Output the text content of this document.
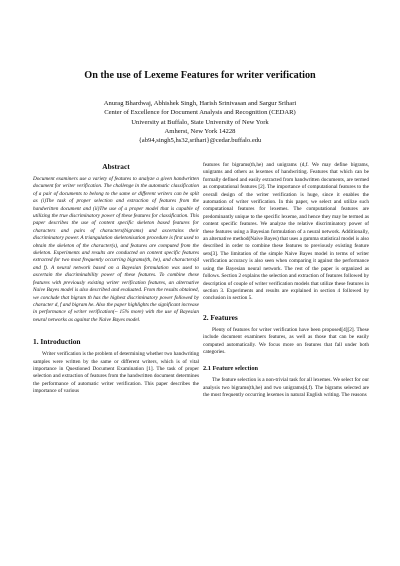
On the use of Lexeme Features for writer verification
Anurag Bhardwaj, Abhishek Singh, Harish Srinivasan and Sargur Srihari
Center of Excellence for Document Analysis and Recognition (CEDAR)
University at Buffalo, State University of New York
Amherst, New York 14228
{ab94,singh5,hs32,srihari}@cedar.buffalo.edu

Abstract

Document examiners use a variety of features to analyze a given handwritten document for writer verification. The challenge in the automatic classification of a pair of documents to belong to the same or different writers can be split as (i)The task of proper selection and extraction of features from the handwritten document and (ii)The use of a proper model that is capable of utilizing the true discriminatory power of these features for classification. This paper describes the use of content specific skeleton based features for characters and pairs of characters(bigrams) and ascertains their discriminatory power. A triangulation skeletonisation procedure is first used to obtain the skeleton of the character(s), and features are computed from the skeleton. Experiments and results are conducted on content specific features extracted for two most frequently occurring bigrams(th, he), and characters(d and f). A neural network based on a Bayesian formulation was used to ascertain the discriminability power of these features. To combine these features with previously existing writer verification features, an alternative Naive Bayes model is also described and evaluated. From the results obtained, we conclude that bigram th has the highest discriminatory power followed by character d, f and bigram he. Also the paper highlights the significant increase in performance of writer verification(~ 15% more) with the use of Bayesian neural networks as against the Naive Bayes model.

1. Introduction

Writer verification is the problem of determining whether two handwriting samples were written by the same or different writers, which is of vital importance in Questioned Document Examination [1]. The task of proper selection and extraction of features from the handwritten document determines the performance of automatic writer verification. This paper describes the importance of various

features for bigrams(th,he) and unigrams (d,f. We may define bigrams, unigrams and others as lexemes of handwriting. Features that which can be formally defined and easily extracted from handwritten documents, are termed as computational features [2]. The importance of computational features to the overall design of the writer verification is huge, since it enables the automation of writer verification. In this paper, we select and utilize such computational features for lexemes. The computational features are predominantly unique to the specific lexeme, and hence they may be termed as content specific features. We analyze the relative discriminatory power of these features using a Bayesian formulation of a neural network. Additionally, an alternative method(Naive Bayes) that uses a gamma statistical model is also described in order to combine these features to previously existing feature sets[3]. The limitation of the simple Naive Bayes model in terms of writer verification accuracy is also seen when comparing it against the performance using the Bayesian neural network. The rest of the paper is organized as follows. Section 2 explains the selection and extraction of features followed by description of couple of writer verification models that utilize these features in section 3. Experiments and results are explained in section 4 followed by conclusion in section 5.

2. Features

Plenty of features for writer verification have been proposed[4][2]. These include document examiners features, as well as those that can be easily computed automatically. We focus more on features that fall under both categories.

2.1 Feature selection

The feature selection is a non-trivial task for all lexemes. We select for our analysis two bigrams(th,he) and two unigrams(d,f). The bigrams selected are the most frequently occurring lexemes in natural English writing. The reasons
